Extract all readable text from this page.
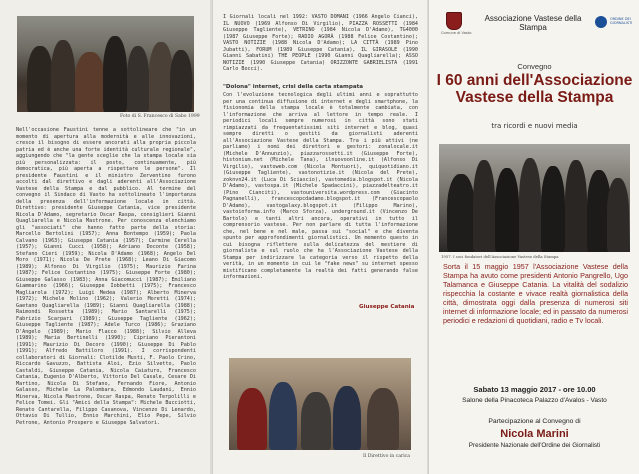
Foto di S. Francesco di Sabo 1999
Nell'occasione Faustini tenne a sottolineare che "in un momento di apertura alla modernità e alle innovazioni, cresce il bisogno di essere ancorati alla propria piccola patria ed è anche una forte identità culturale regionale", aggiungendo che "la gente sceglie che la stampa locale sia più personalizzata: il posto, continuamente, più democratica, più aperta a rispettare le persone". Il presidente Faustini e il ministro Zerventino furono accolti dal direttivo e dagli aderenti all'Associazione Vastese della Stampa e dal pubblico. Al termine del convegno il Sindaco di Vasto ha sottolineato l'importanza della presenza dell'informazione locale in città. Direttivo: presidente Giuseppe Catania, vice presidente Nicola D'Adamo, segretario Oscar Raspa, consiglieri Gianni Quagliarella e Nicola Mastrone. Per conoscenza elenchiamo gli "associati" che hanno fatto parte della storia: Marcello Bertolini (1957); Anna Bontempo (1959); Paola Calvano (1963); Giuseppe Catania (1957); Carmine Cerella (1957); Gianni Cucci (1958); Adriano Doconte (1958); Stefano Cieri (1959); Nicola D'Adamo (1968); Angelo Del Moro (1971); Nicola De Prete (1968); Leano Di Giacomo (1989); Alfonso Di Virgilio (1975); Maurizio Farina (1987); Felice Costantino (1975); Giuseppe Forte (1980); Giuseppe Galasso (1983); Anna Giacomucci (1987); Emiliano Giammarino (1966); Giuseppe Iobbetti (1975); Francesco Magliarola (1972); Luigi Medea (1987); Alberto Minerva (1972); Michele Molino (1962); Valerio Moretti (1974); Gaetano Quagliarella (1989); Gianni Quagliarella (1988); Raimondi Rossetta (1989); Mario Santarelli (1975); Fabrizio Scarpari (1989); Giuseppe Tagliente (1962); Giuseppe Tagliente (1987); Adele Turco (1986); Graziano D'Angelo (1989); Mario Flacco (1988); Silvio Alleva (1989); Maria Bertinelli (1990); Cipriano Pierantoni (1991); Maurizio Di Decoro (1990); Giuseppe Di Pablo (1991); Alfredo Battiloro (1991). I corrispondenti collaboratori di Giornali: Clotilde Musti, F. Paolo Crino, Riccardo Gavuzzo, Battista Aloi, Ezio Silvetto, Paolo Castaldi, Giuseppe Catania, Nicola Caiaturo, Francesco Catania, Eugenio D'Alberto, Vittorio Del Casale, Cesare Di Martino, Nicola Di Stefano, Fernando Fiore, Antonio Galasso, Michele La Palombara, Edmondo Laudani, Ennio Minerva, Nicola Mastrone, Oscar Raspa, Renato Terpolilli e Felice Tomei. Gli "Amici della Stampa": Michele Bucciotti, Renato Cantarella, Filippo Casanova, Vincenzo Di Lenardo, Ottavio Di Tullio, Ennio Marchini, Elio Pepe, Silvio Petrone, Antonio Prospero e Giuseppe Salvatori.
I Giornali locali nel 1992: VASTO DOMANI (1966 Angelo Cianci), IL NUOVO (1969 Alfonso Di Virgilio), PIAZZA ROSSETTI (1984 Giuseppe Tagliente), VETRINO (1984 Nicola D'Adamo), TG4000 (1987 Giuseppe Forte); RADIO AGORÀ (1988 Felice Costantino); VASTO NOTIZIE (1988 Nicola D'Adamo); LA CITTÀ (1989 Pino Jubatti), FORUM (1989 Giuseppe Catania), IL GIRASOLE (1990 Gianni Sabatini) THE PEOPLE (1990 Gianni Quagliarella); ASSO NOTIZIE (1990 Giuseppe Catania) ORIZZONTE GABRIELISTA (1991 Carlo Bocci).
"Dolona" internet, crisi della carta stampata
Con l'evoluzione tecnologica degli ultimi anni e soprattutto per una continua diffusione di internet e degli smartphone, la fisionomia della stampa locale è totalmente cambiata, con l'informazione che arriva al lettore in tempo reale. I periodici locali sempre numerosi in città sono stati rimpiazzati da frequentatissimi siti internet e blog, quasi sempre diretti o gestiti da giornalisti aderenti all'Associazione Vastese della Stampa. Tra i più attivi (ne parliamo) i nomi dei direttori e gestori: zonalocale.it (Michele D'Annunzio), piazzarossetti.it (Giuseppe Forte), histonium.net (Michele Tana), ilnuovoonline.it (Alfonso Di Virgilio), vastoweb.com (Nicola Montuori), quiquotidiano.it (Giuseppe Tagliente), vastonotizie.it (Nicola del Prete), zoknvn24.it (Luca Di Sciascio), vastomedia.blogspot.it (Nicola D'Adamo), vastospa.it (Michele Spadaccini), piazzadelteatro.it (Pino Cianciti), vastouniversita.wordpress.com (Giacinto Pagnanelli), francescopcdadamo.blogspot.it (Francescopaolo D'Adamo), vastogalaxy.blogspot.it (Filippo Marino), vastoinforma.info (Marco Sforza), underground.it (Vincenzo De Bartolo) e tanti altri ancora, operativi in tutto il comprensorio vastese. Per non parlare di tutta l'informazione che, nel bene e nel male, passa sui "social" e che diventa spunto per approfondimenti giornalistici. Un momento questo in cui bisogna riflettere sulla delicatezza del mestiere di giornalista e sul ruolo che ha l'Associazione Vastese della Stampa per indirizzare la categoria verso il rispetto della verità, in un momento in cui le "fake news" su internet spesso mistificano completamente la realtà dei fatti generando false informazioni.
Giuseppe Catania
Il Direttivo in carica
Comune di Vasto
Associazione Vastese della Stampa
ORDINE DEI GIORNALISTI
Convegno
I 60 anni dell'Associazione Vastese della Stampa
tra ricordi e nuovi media
1957. I soci fondatori dell'Associazione Vastese della Stampa
Sorta il 15 maggio 1957 l'Associazione Vastese della Stampa ha avuto come presidenti Antonio Pangrello, Ugo Talamanca e Giuseppe Catania. La vitalità del sodalizio rispecchia la costante e vivace realtà giornalistica della città, dimostrata oggi dalla presenza di numerosi siti internet di informazione locale; ed in passato da numerosi periodici e redazioni di quotidiani, radio e Tv locali.
Sabato 13 maggio 2017 - ore 10.00
Salone della Pinacoteca Palazzo d'Avalos - Vasto
Partecipazione al Convegno di
Nicola Marini
Presidente Nazionale dell'Ordine dei Giornalisti
